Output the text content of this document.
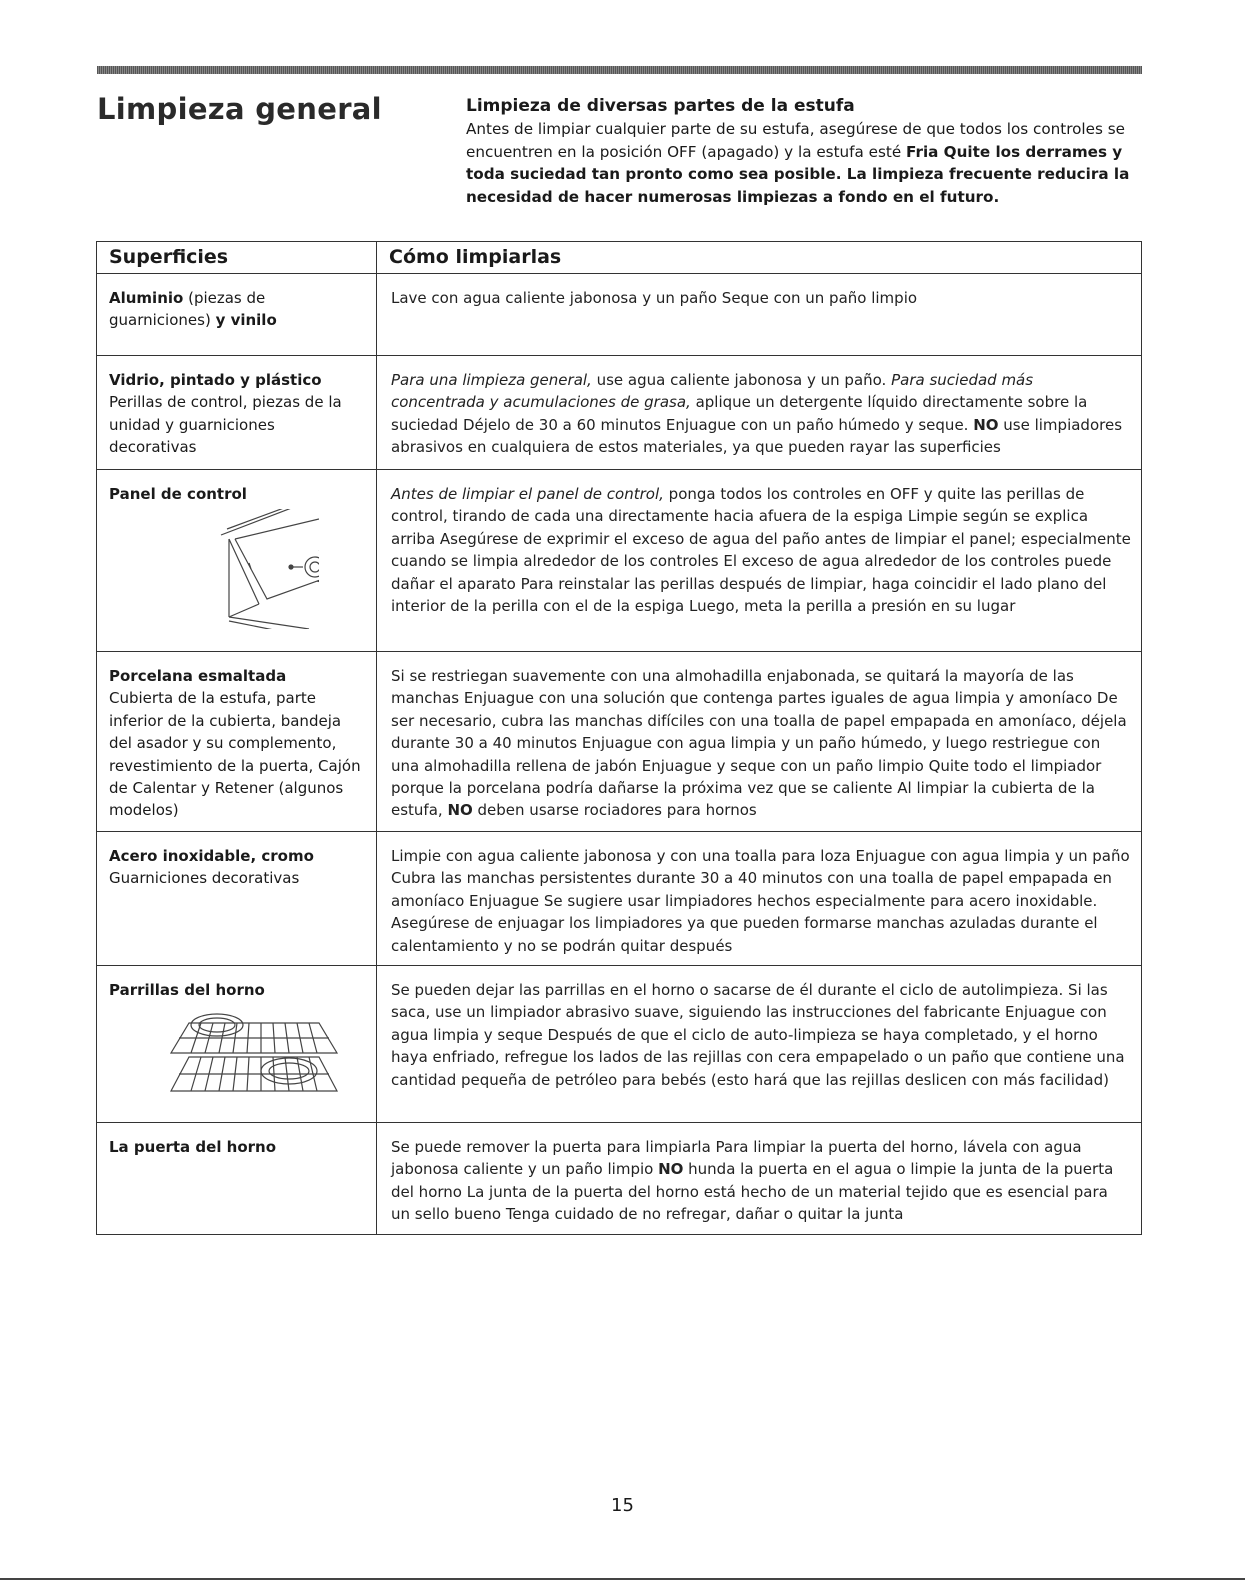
Limpieza general	Limpieza de diversas partes de la estufa

Antes de limpiar cualquier parte de su estufa, asegúrese de que todos los controles se encuentren en la posición OFF (apagado) y la estufa esté Fria Quite los derrames y toda suciedad tan pronto como sea posible. La limpieza frecuente reducira la necesidad de hacer numerosas limpiezas a fondo en el futuro.

Superficies	Cómo limpiarlas
Aluminio (piezas de guarniciones) y vinilo	Lave con agua caliente jabonosa y un paño Seque con un paño limpio

Vidrio, pintado y plástico
Perillas de control, piezas de la unidad y guarniciones decorativas	Para una limpieza general, use agua caliente jabonosa y un paño. Para suciedad más concentrada y acumulaciones de grasa, aplique un detergente líquido directamente sobre la suciedad Déjelo de 30 a 60 minutos Enjuague con un paño húmedo y seque. NO use limpiadores abrasivos en cualquiera de estos materiales, ya que pueden rayar las superficies

Panel de control	Antes de limpiar el panel de control, ponga todos los controles en OFF y quite las perillas de control, tirando de cada una directamente hacia afuera de la espiga Limpie según se explica arriba Asegúrese de exprimir el exceso de agua del paño antes de limpiar el panel; especialmente cuando se limpia alrededor de los controles El exceso de agua alrededor de los controles puede dañar el aparato Para reinstalar las perillas después de limpiar, haga coincidir el lado plano del interior de la perilla con el de la espiga Luego, meta la perilla a presión en su lugar

Porcelana esmaltada
Cubierta de la estufa, parte inferior de la cubierta, bandeja del asador y su complemento, revestimiento de la puerta, Cajón de Calentar y Retener (algunos modelos)	Si se restriegan suavemente con una almohadilla enjabonada, se quitará la mayoría de las manchas Enjuague con una solución que contenga partes iguales de agua limpia y amoníaco De ser necesario, cubra las manchas difíciles con una toalla de papel empapada en amoníaco, déjela durante 30 a 40 minutos Enjuague con agua limpia y un paño húmedo, y luego restriegue con una almohadilla rellena de jabón Enjuague y seque con un paño limpio Quite todo el limpiador porque la porcelana podría dañarse la próxima vez que se caliente Al limpiar la cubierta de la estufa, NO deben usarse rociadores para hornos

Acero inoxidable, cromo
Guarniciones decorativas	Limpie con agua caliente jabonosa y con una toalla para loza Enjuague con agua limpia y un paño Cubra las manchas persistentes durante 30 a 40 minutos con una toalla de papel empapada en amoníaco Enjuague Se sugiere usar limpiadores hechos especialmente para acero inoxidable. Asegúrese de enjuagar los limpiadores ya que pueden formarse manchas azuladas durante el calentamiento y no se podrán quitar después

Parrillas del horno	Se pueden dejar las parrillas en el horno o sacarse de él durante el ciclo de autolimpieza. Si las saca, use un limpiador abrasivo suave, siguiendo las instrucciones del fabricante Enjuague con agua limpia y seque Después de que el ciclo de auto-limpieza se haya completado, y el horno haya enfriado, refregue los lados de las rejillas con cera empapelado o un paño que contiene una cantidad pequeña de petróleo para bebés (esto hará que las rejillas deslicen con más facilidad)

La puerta del horno	Se puede remover la puerta para limpiarla Para limpiar la puerta del horno, lávela con agua jabonosa caliente y un paño limpio NO hunda la puerta en el agua o limpie la junta de la puerta del horno La junta de la puerta del horno está hecho de un material tejido que es esencial para un sello bueno Tenga cuidado de no refregar, dañar o quitar la junta
15
